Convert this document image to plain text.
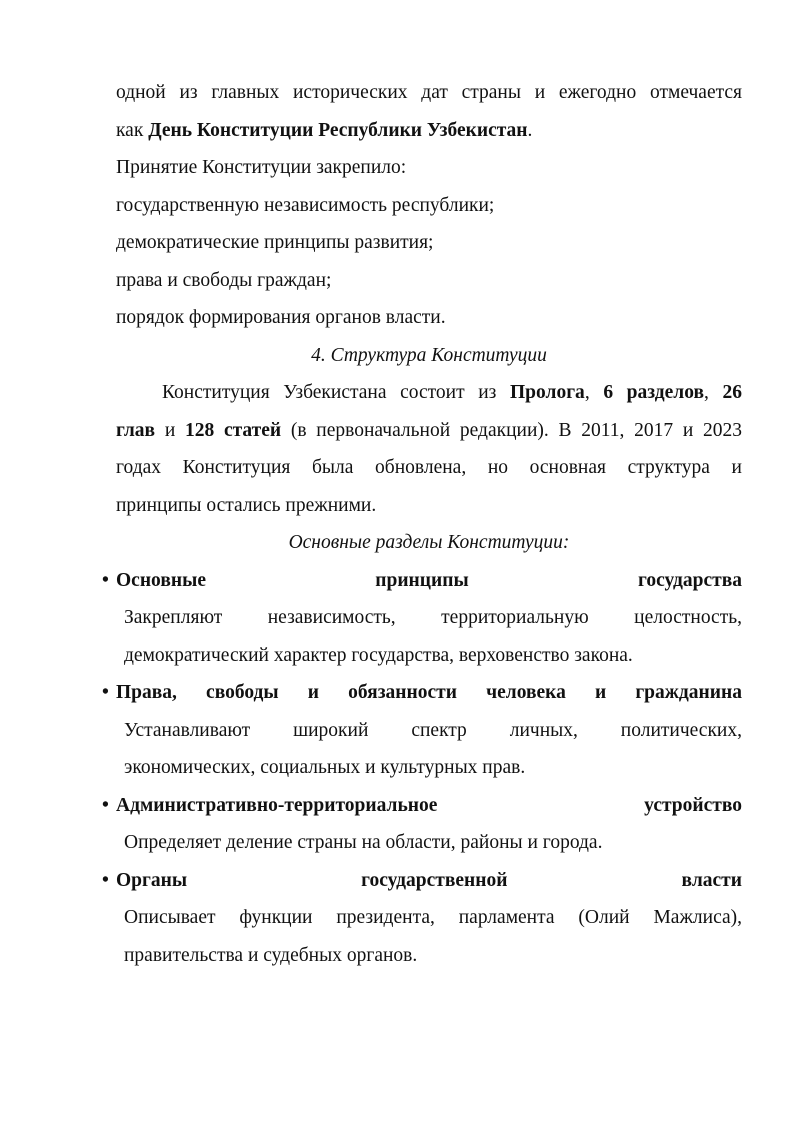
одной из главных исторических дат страны и ежегодно отмечается
как День Конституции Республики Узбекистан.
Принятие Конституции закрепило:
государственную независимость республики;
демократические принципы развития;
права и свободы граждан;
порядок формирования органов власти.
4. Структура Конституции
Конституция Узбекистана состоит из Пролога, 6 разделов, 26
глав и 128 статей (в первоначальной редакции). В 2011, 2017 и 2023
годах Конституция была обновлена, но основная структура и
принципы остались прежними.
Основные разделы Конституции:
• Основные принципы государства
Закрепляют независимость, территориальную целостность,
демократический характер государства, верховенство закона.
• Права, свободы и обязанности человека и гражданина
Устанавливают широкий спектр личных, политических,
экономических, социальных и культурных прав.
• Административно-территориальное устройство
Определяет деление страны на области, районы и города.
• Органы государственной власти
Описывает функции президента, парламента (Олий Мажлиса),
правительства и судебных органов.
